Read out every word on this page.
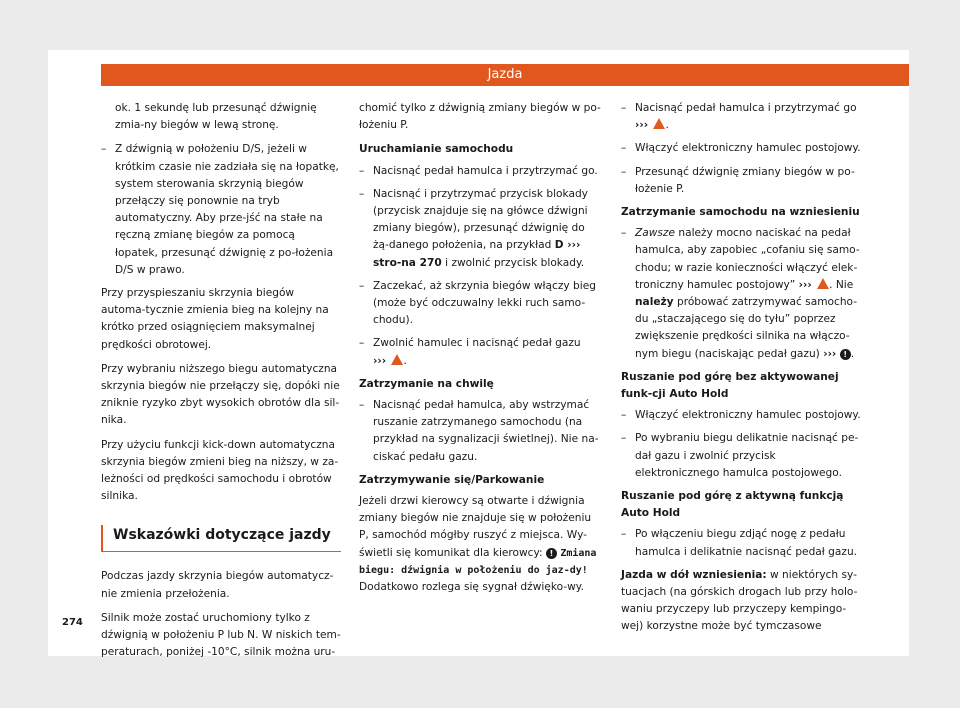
Jazda

ok. 1 sekundę lub przesunąć dźwignię zmia-ny biegów w lewą stronę.

– Z dźwignią w położeniu D/S, jeżeli w krótkim czasie nie zadziała się na łopatkę, system sterowania skrzynią biegów przełączy się ponownie na tryb automatyczny. Aby prze-jść na stałe na ręczną zmianę biegów za pomocą łopatek, przesunąć dźwignię z po-łożenia D/S w prawo.

Przy przyspieszaniu skrzynia biegów automa-tycznie zmienia bieg na kolejny na krótko przed osiągnięciem maksymalnej prędkości obrotowej.

Przy wybraniu niższego biegu automatyczna skrzynia biegów nie przełączy się, dopóki nie zniknie ryzyko zbyt wysokich obrotów dla sil-nika.

Przy użyciu funkcji kick-down automatyczna skrzynia biegów zmieni bieg na niższy, w za-leżności od prędkości samochodu i obrotów silnika.

Wskazówki dotyczące jazdy

Podczas jazdy skrzynia biegów automatycz-nie zmienia przełożenia.

Silnik może zostać uruchomiony tylko z dźwignią w położeniu P lub N. W niskich tem-peraturach, poniżej -10°C, silnik można uru-

chomić tylko z dźwignią zmiany biegów w po-łożeniu P.

Uruchamianie samochodu

– Nacisnąć pedał hamulca i przytrzymać go.
– Nacisnąć i przytrzymać przycisk blokady (przycisk znajduje się na główce dźwigni zmiany biegów), przesunąć dźwignię do żą-danego położenia, na przykład D ››› stro-na 270 i zwolnić przycisk blokady.
– Zaczekać, aż skrzynia biegów włączy bieg (może być odczuwalny lekki ruch samo-chodu).
– Zwolnić hamulec i nacisnąć pedał gazu
››› .

Zatrzymanie na chwilę

– Nacisnąć pedał hamulca, aby wstrzymać ruszanie zatrzymanego samochodu (na przykład na sygnalizacji świetlnej). Nie na-ciskać pedału gazu.

Zatrzymywanie się/Parkowanie

Jeżeli drzwi kierowcy są otwarte i dźwignia zmiany biegów nie znajduje się w położeniu P, samochód mógłby ruszyć z miejsca. Wy-świetli się komunikat dla kierowcy: ! Zmiana biegu: dźwignia w położeniu do jaz-dy! Dodatkowo rozlega się sygnał dźwięko-wy.

– Nacisnąć pedał hamulca i przytrzymać go
››› .
– Włączyć elektroniczny hamulec postojowy.
– Przesunąć dźwignię zmiany biegów w po-łożenie P.

Zatrzymanie samochodu na wzniesieniu

– Zawsze należy mocno naciskać na pedał hamulca, aby zapobiec „cofaniu się samo-chodu; w razie konieczności włączyć elek-troniczny hamulec postojowy” ››› . Nie należy próbować zatrzymywać samocho-du „staczającego się do tyłu” poprzez zwiększenie prędkości silnika na włączo-nym biegu (naciskając pedał gazu) ››› ! .

Ruszanie pod górę bez aktywowanej funk-cji Auto Hold

– Włączyć elektroniczny hamulec postojowy.
– Po wybraniu biegu delikatnie nacisnąć pe-dał gazu i zwolnić przycisk elektronicznego hamulca postojowego.

Ruszanie pod górę z aktywną funkcją Auto Hold

– Po włączeniu biegu zdjąć nogę z pedału hamulca i delikatnie nacisnąć pedał gazu.

Jazda w dół wzniesienia: w niektórych sy-tuacjach (na górskich drogach lub przy holo-waniu przyczepy lub przyczepy kempingo-wej) korzystne może być tymczasowe

274
